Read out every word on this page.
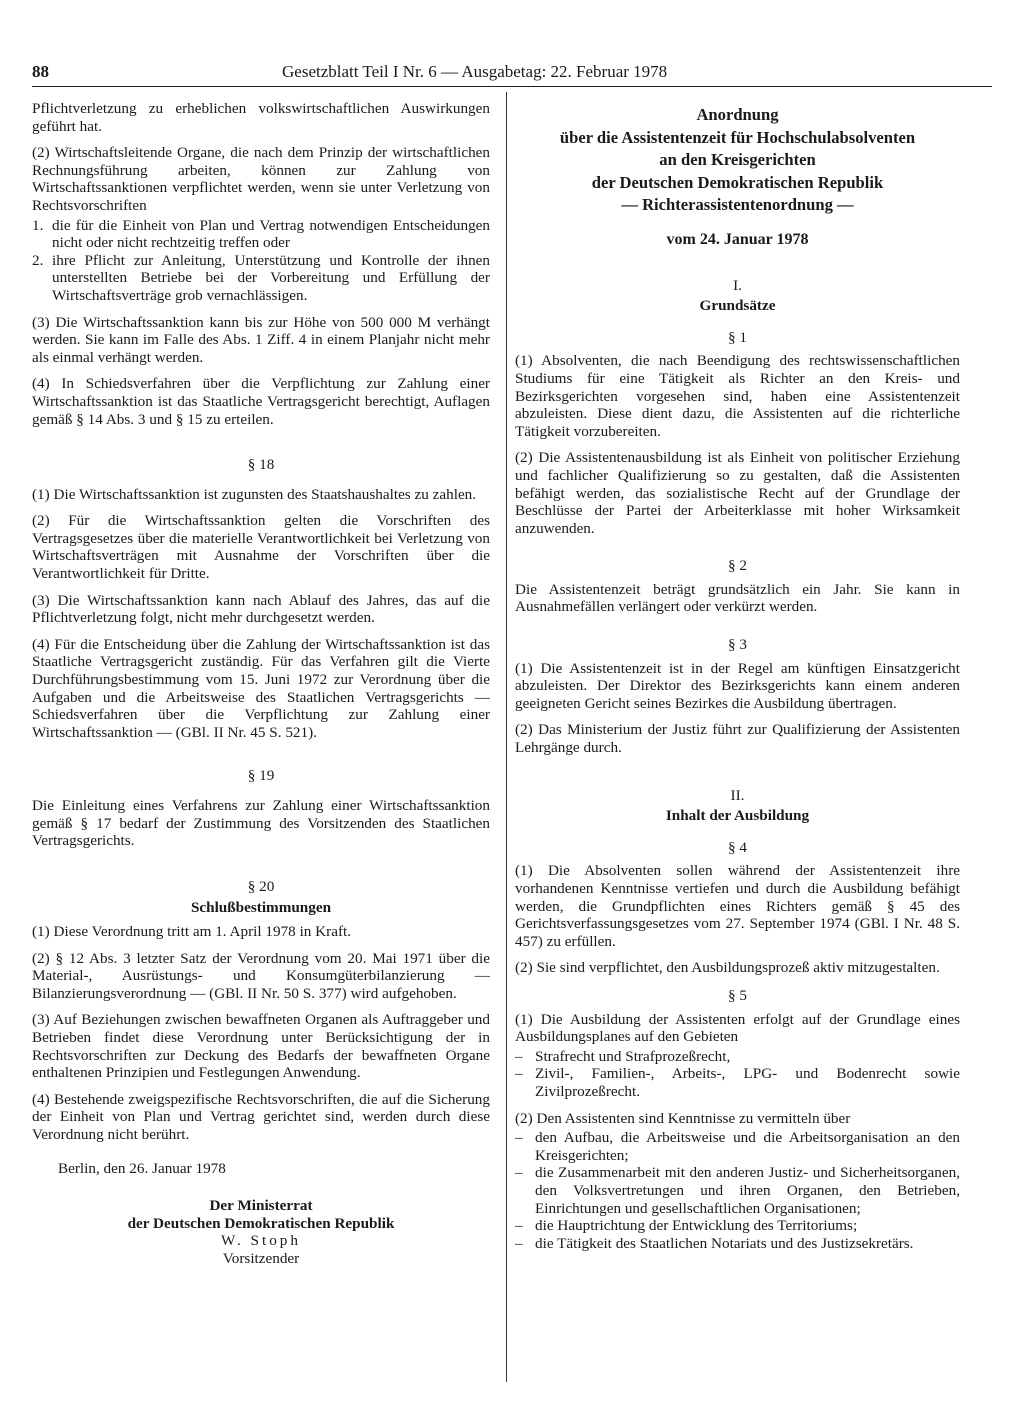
88	Gesetzblatt Teil I Nr. 6 — Ausgabetag: 22. Februar 1978

Pflichtverletzung zu erheblichen volkswirtschaftlichen Auswirkungen geführt hat.

(2) Wirtschaftsleitende Organe, die nach dem Prinzip der wirtschaftlichen Rechnungsführung arbeiten, können zur Zahlung von Wirtschaftssanktionen verpflichtet werden, wenn sie unter Verletzung von Rechtsvorschriften

1. die für die Einheit von Plan und Vertrag notwendigen Entscheidungen nicht oder nicht rechtzeitig treffen oder
2. ihre Pflicht zur Anleitung, Unterstützung und Kontrolle der ihnen unterstellten Betriebe bei der Vorbereitung und Erfüllung der Wirtschaftsverträge grob vernachlässigen.

(3) Die Wirtschaftssanktion kann bis zur Höhe von 500 000 M verhängt werden. Sie kann im Falle des Abs. 1 Ziff. 4 in einem Planjahr nicht mehr als einmal verhängt werden.

(4) In Schiedsverfahren über die Verpflichtung zur Zahlung einer Wirtschaftssanktion ist das Staatliche Vertragsgericht berechtigt, Auflagen gemäß § 14 Abs. 3 und § 15 zu erteilen.

§ 18

(1) Die Wirtschaftssanktion ist zugunsten des Staatshaushaltes zu zahlen.

(2) Für die Wirtschaftssanktion gelten die Vorschriften des Vertragsgesetzes über die materielle Verantwortlichkeit bei Verletzung von Wirtschaftsverträgen mit Ausnahme der Vorschriften über die Verantwortlichkeit für Dritte.

(3) Die Wirtschaftssanktion kann nach Ablauf des Jahres, das auf die Pflichtverletzung folgt, nicht mehr durchgesetzt werden.

(4) Für die Entscheidung über die Zahlung der Wirtschaftssanktion ist das Staatliche Vertragsgericht zuständig. Für das Verfahren gilt die Vierte Durchführungsbestimmung vom 15. Juni 1972 zur Verordnung über die Aufgaben und die Arbeitsweise des Staatlichen Vertragsgerichts — Schiedsverfahren über die Verpflichtung zur Zahlung einer Wirtschaftssanktion — (GBl. II Nr. 45 S. 521).

§ 19

Die Einleitung eines Verfahrens zur Zahlung einer Wirtschaftssanktion gemäß § 17 bedarf der Zustimmung des Vorsitzenden des Staatlichen Vertragsgerichts.

§ 20
Schlußbestimmungen

(1) Diese Verordnung tritt am 1. April 1978 in Kraft.

(2) § 12 Abs. 3 letzter Satz der Verordnung vom 20. Mai 1971 über die Material-, Ausrüstungs- und Konsumgüterbilanzierung — Bilanzierungsverordnung — (GBl. II Nr. 50 S. 377) wird aufgehoben.

(3) Auf Beziehungen zwischen bewaffneten Organen als Auftraggeber und Betrieben findet diese Verordnung unter Berücksichtigung der in Rechtsvorschriften zur Deckung des Bedarfs der bewaffneten Organe enthaltenen Prinzipien und Festlegungen Anwendung.

(4) Bestehende zweigspezifische Rechtsvorschriften, die auf die Sicherung der Einheit von Plan und Vertrag gerichtet sind, werden durch diese Verordnung nicht berührt.

Berlin, den 26. Januar 1978

Der Ministerrat
der Deutschen Demokratischen Republik
W. Stoph
Vorsitzender
Anordnung
über die Assistentenzeit für Hochschulabsolventen
an den Kreisgerichten
der Deutschen Demokratischen Republik
— Richterassistentenordnung —
vom 24. Januar 1978
I.
Grundsätze
§ 1

(1) Absolventen, die nach Beendigung des rechtswissenschaftlichen Studiums für eine Tätigkeit als Richter an den Kreis- und Bezirksgerichten vorgesehen sind, haben eine Assistentenzeit abzuleisten. Diese dient dazu, die Assistenten auf die richterliche Tätigkeit vorzubereiten.

(2) Die Assistentenausbildung ist als Einheit von politischer Erziehung und fachlicher Qualifizierung so zu gestalten, daß die Assistenten befähigt werden, das sozialistische Recht auf der Grundlage der Beschlüsse der Partei der Arbeiterklasse mit hoher Wirksamkeit anzuwenden.

§ 2

Die Assistentenzeit beträgt grundsätzlich ein Jahr. Sie kann in Ausnahmefällen verlängert oder verkürzt werden.

§ 3

(1) Die Assistentenzeit ist in der Regel am künftigen Einsatzgericht abzuleisten. Der Direktor des Bezirksgerichts kann einem anderen geeigneten Gericht seines Bezirkes die Ausbildung übertragen.

(2) Das Ministerium der Justiz führt zur Qualifizierung der Assistenten Lehrgänge durch.

II.
Inhalt der Ausbildung
§ 4

(1) Die Absolventen sollen während der Assistentenzeit ihre vorhandenen Kenntnisse vertiefen und durch die Ausbildung befähigt werden, die Grundpflichten eines Richters gemäß § 45 des Gerichtsverfassungsgesetzes vom 27. September 1974 (GBl. I Nr. 48 S. 457) zu erfüllen.

(2) Sie sind verpflichtet, den Ausbildungsprozeß aktiv mitzugestalten.

§ 5

(1) Die Ausbildung der Assistenten erfolgt auf der Grundlage eines Ausbildungsplanes auf den Gebieten

– Strafrecht und Strafprozeßrecht,
– Zivil-, Familien-, Arbeits-, LPG- und Bodenrecht sowie Zivilprozeßrecht.

(2) Den Assistenten sind Kenntnisse zu vermitteln über

– den Aufbau, die Arbeitsweise und die Arbeitsorganisation an den Kreisgerichten;
– die Zusammenarbeit mit den anderen Justiz- und Sicherheitsorganen, den Volksvertretungen und ihren Organen, den Betrieben, Einrichtungen und gesellschaftlichen Organisationen;
– die Hauptrichtung der Entwicklung des Territoriums;
– die Tätigkeit des Staatlichen Notariats und des Justizsekretärs.
